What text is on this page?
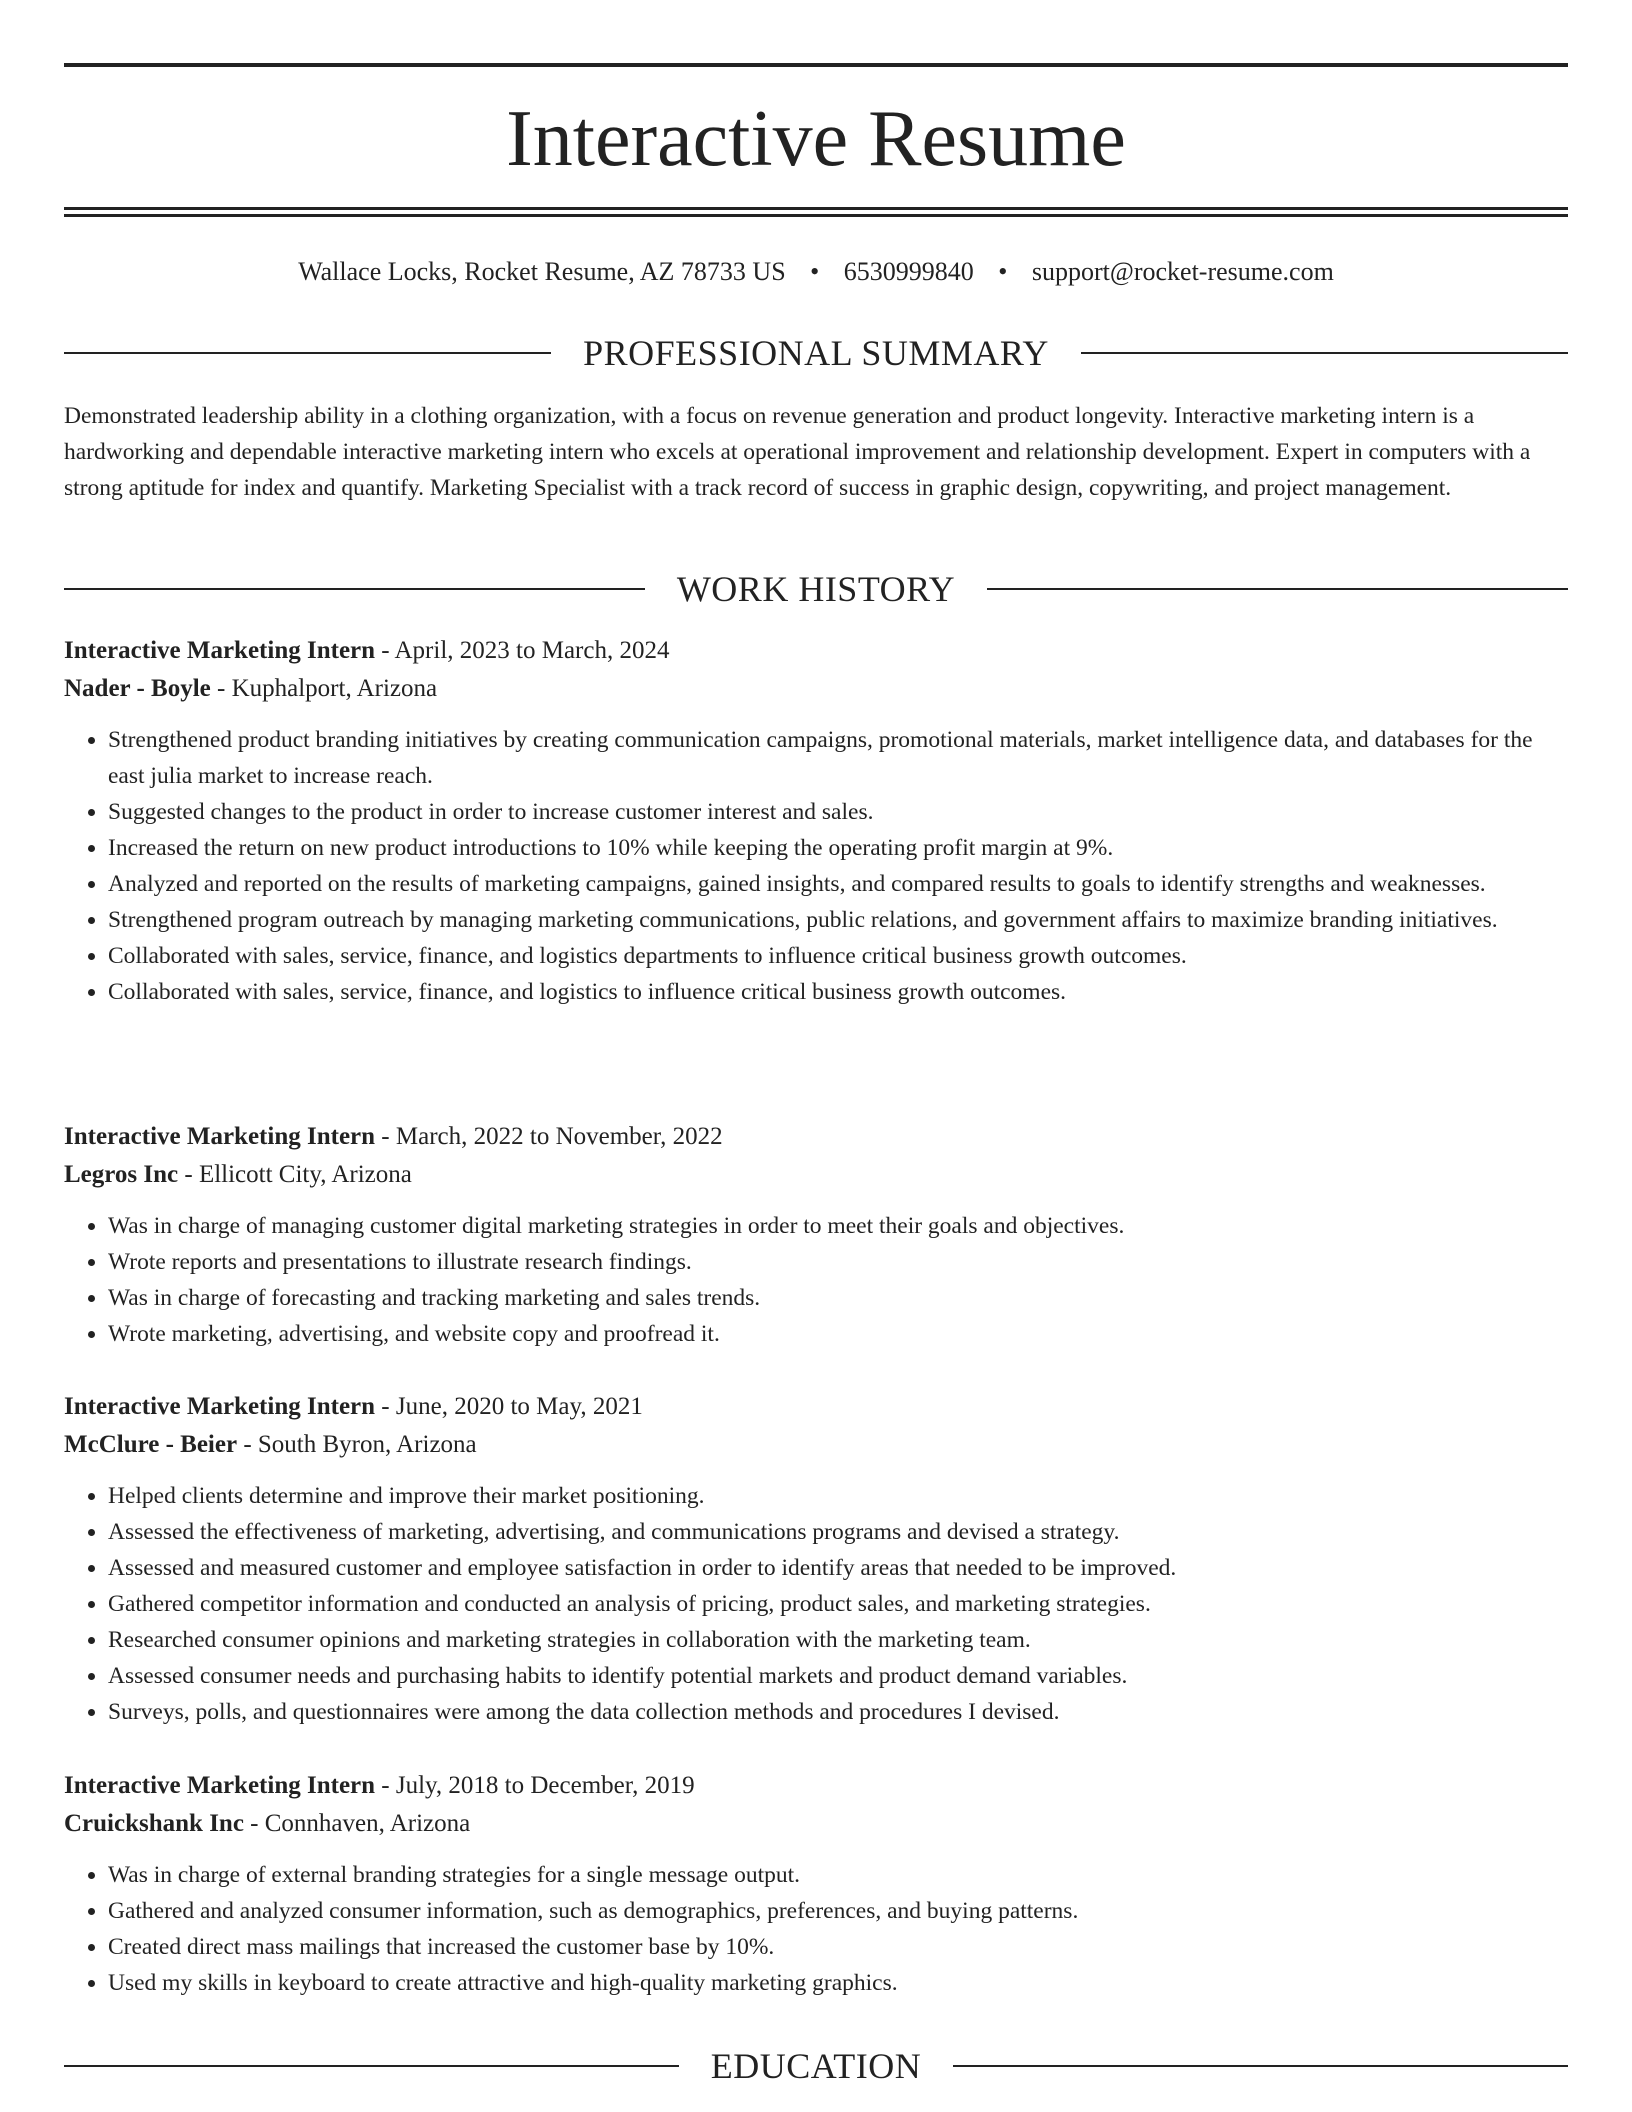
Interactive Resume
Wallace Locks, Rocket Resume, AZ 78733 US • 6530999840 • support@rocket-resume.com
PROFESSIONAL SUMMARY

Demonstrated leadership ability in a clothing organization, with a focus on revenue generation and product longevity. Interactive marketing intern is a hardworking and dependable interactive marketing intern who excels at operational improvement and relationship development. Expert in computers with a strong aptitude for index and quantify. Marketing Specialist with a track record of success in graphic design, copywriting, and project management.

WORK HISTORY
Interactive Marketing Intern - April, 2023 to March, 2024
Nader - Boyle - Kuphalport, Arizona
• Strengthened product branding initiatives by creating communication campaigns, promotional materials, market intelligence data, and databases for the east julia market to increase reach.
• Suggested changes to the product in order to increase customer interest and sales.
• Increased the return on new product introductions to 10% while keeping the operating profit margin at 9%.
• Analyzed and reported on the results of marketing campaigns, gained insights, and compared results to goals to identify strengths and weaknesses.
• Strengthened program outreach by managing marketing communications, public relations, and government affairs to maximize branding initiatives.
• Collaborated with sales, service, finance, and logistics departments to influence critical business growth outcomes.
• Collaborated with sales, service, finance, and logistics to influence critical business growth outcomes.
Interactive Marketing Intern - March, 2022 to November, 2022
Legros Inc - Ellicott City, Arizona
• Was in charge of managing customer digital marketing strategies in order to meet their goals and objectives.
• Wrote reports and presentations to illustrate research findings.
• Was in charge of forecasting and tracking marketing and sales trends.
• Wrote marketing, advertising, and website copy and proofread it.
Interactive Marketing Intern - June, 2020 to May, 2021
McClure - Beier - South Byron, Arizona
• Helped clients determine and improve their market positioning.
• Assessed the effectiveness of marketing, advertising, and communications programs and devised a strategy.
• Assessed and measured customer and employee satisfaction in order to identify areas that needed to be improved.
• Gathered competitor information and conducted an analysis of pricing, product sales, and marketing strategies.
• Researched consumer opinions and marketing strategies in collaboration with the marketing team.
• Assessed consumer needs and purchasing habits to identify potential markets and product demand variables.
• Surveys, polls, and questionnaires were among the data collection methods and procedures I devised.
Interactive Marketing Intern - July, 2018 to December, 2019
Cruickshank Inc - Connhaven, Arizona
• Was in charge of external branding strategies for a single message output.
• Gathered and analyzed consumer information, such as demographics, preferences, and buying patterns.
• Created direct mass mailings that increased the customer base by 10%.
• Used my skills in keyboard to create attractive and high-quality marketing graphics.
EDUCATION
